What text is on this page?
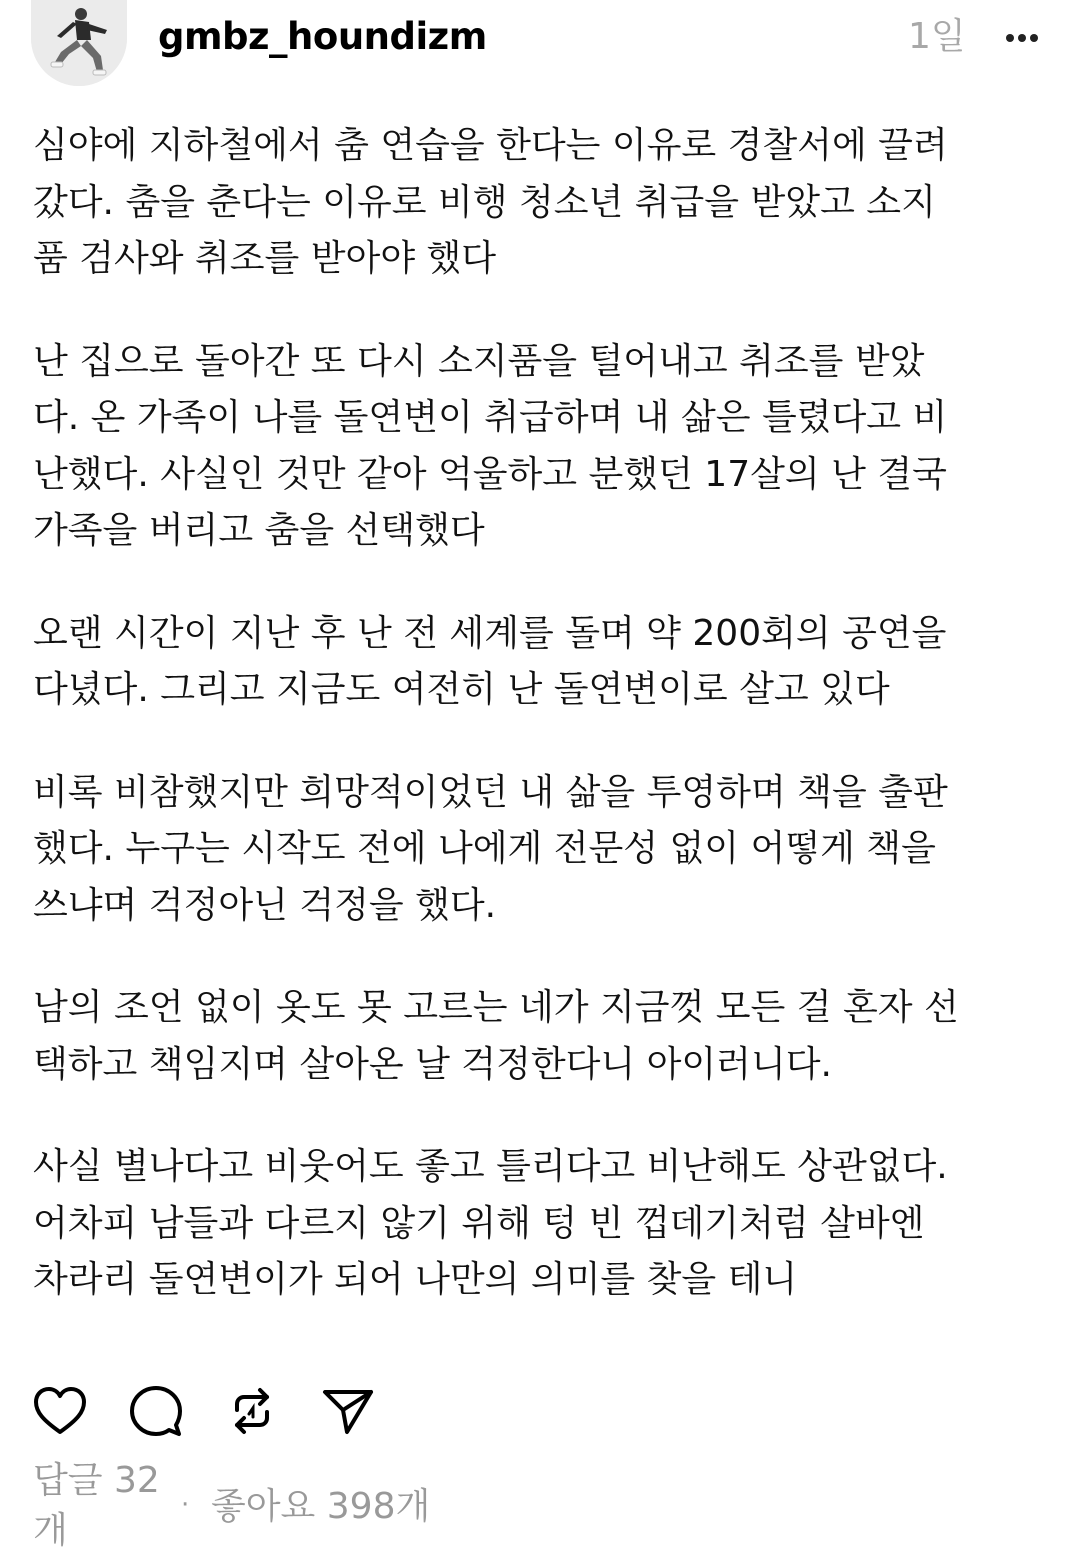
gmbz_houndizm	1일

심야에 지하철에서 춤 연습을 한다는 이유로 경찰서에 끌려
갔다. 춤을 춘다는 이유로 비행 청소년 취급을 받았고 소지
품 검사와 취조를 받아야 했다

난 집으로 돌아간 또 다시 소지품을 털어내고 취조를 받았
다. 온 가족이 나를 돌연변이 취급하며 내 삶은 틀렸다고 비
난했다. 사실인 것만 같아 억울하고 분했던 17살의 난 결국
가족을 버리고 춤을 선택했다

오랜 시간이 지난 후 난 전 세계를 돌며 약 200회의 공연을
다녔다. 그리고 지금도 여전히 난 돌연변이로 살고 있다

비록 비참했지만 희망적이었던 내 삶을 투영하며 책을 출판
했다. 누구는 시작도 전에 나에게 전문성 없이 어떻게 책을
쓰냐며 걱정아닌 걱정을 했다.

남의 조언 없이 옷도 못 고르는 네가 지금껏 모든 걸 혼자 선
택하고 책임지며 살아온 날 걱정한다니 아이러니다.

사실 별나다고 비웃어도 좋고 틀리다고 비난해도 상관없다.
어차피 남들과 다르지 않기 위해 텅 빈 껍데기처럼 살바엔
차라리 돌연변이가 되어 나만의 의미를 찾을 테니

답글 32
개
· 좋아요 398개
